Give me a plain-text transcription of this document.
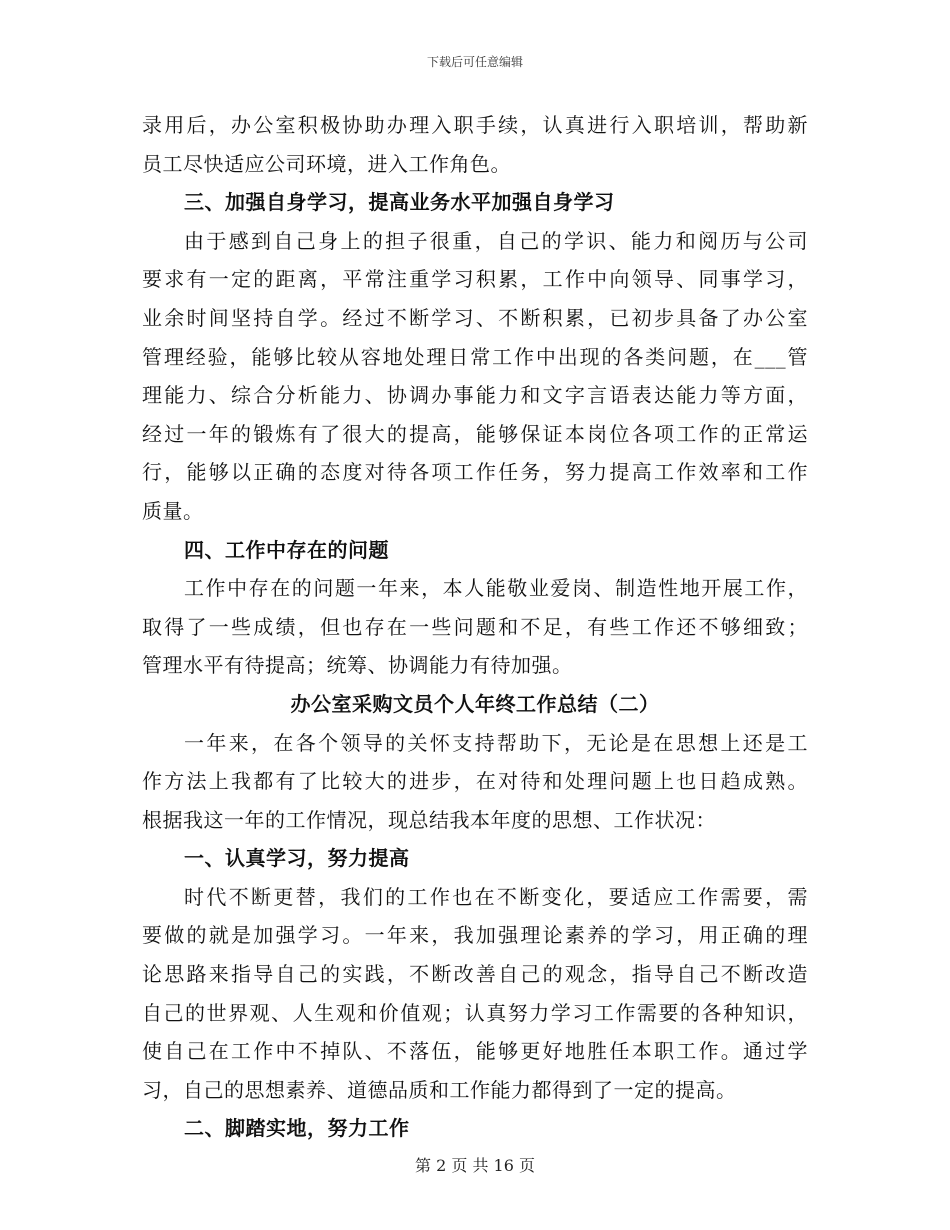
下载后可任意编辑
录用后，办公室积极协助办理入职手续，认真进行入职培训，帮助新
员工尽快适应公司环境，进入工作角色。
三、加强自身学习，提高业务水平加强自身学习
由于感到自己身上的担子很重，自己的学识、能力和阅历与公司
要求有一定的距离，平常注重学习积累，工作中向领导、同事学习，
业余时间坚持自学。经过不断学习、不断积累，已初步具备了办公室
管理经验，能够比较从容地处理日常工作中出现的各类问题，在___管
理能力、综合分析能力、协调办事能力和文字言语表达能力等方面，
经过一年的锻炼有了很大的提高，能够保证本岗位各项工作的正常运
行，能够以正确的态度对待各项工作任务，努力提高工作效率和工作
质量。
四、工作中存在的问题
工作中存在的问题一年来，本人能敬业爱岗、制造性地开展工作，
取得了一些成绩，但也存在一些问题和不足，有些工作还不够细致；
管理水平有待提高；统筹、协调能力有待加强。
办公室采购文员个人年终工作总结（二）
一年来，在各个领导的关怀支持帮助下，无论是在思想上还是工
作方法上我都有了比较大的进步，在对待和处理问题上也日趋成熟。
根据我这一年的工作情况，现总结我本年度的思想、工作状况：
一、认真学习，努力提高
时代不断更替，我们的工作也在不断变化，要适应工作需要，需
要做的就是加强学习。一年来，我加强理论素养的学习，用正确的理
论思路来指导自己的实践，不断改善自己的观念，指导自己不断改造
自己的世界观、人生观和价值观；认真努力学习工作需要的各种知识，
使自己在工作中不掉队、不落伍，能够更好地胜任本职工作。通过学
习，自己的思想素养、道德品质和工作能力都得到了一定的提高。
二、脚踏实地，努力工作
第 2 页 共 16 页
